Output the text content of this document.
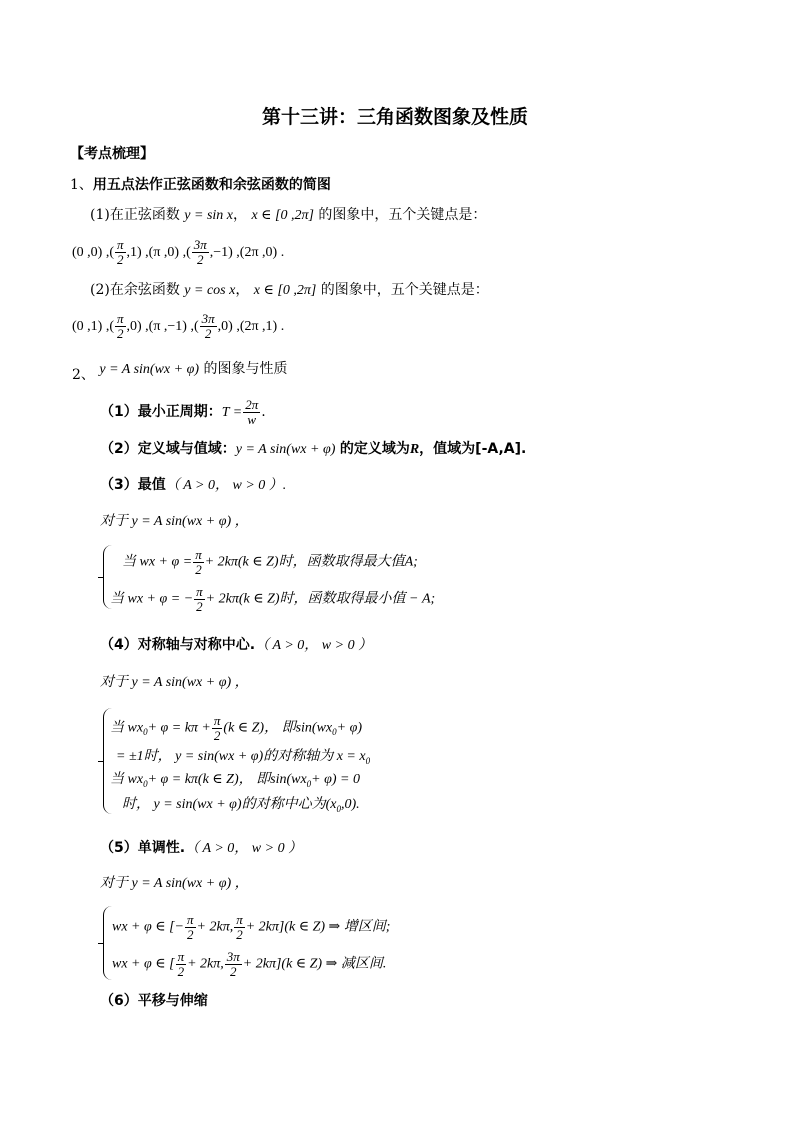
第十三讲：三角函数图象及性质
【考点梳理】
1、用五点法作正弦函数和余弦函数的简图
(1)在正弦函数 y = sin x， x ∈ [0 ,2π] 的图象中，五个关键点是：
(0 ,0) ,( $\frac{\pi}{2} ,1$) ,(π ,0) ,( $\frac{3\pi}{2} ,-1$) ,(2π ,0) .
(2)在余弦函数 y = cos x， x ∈ [0 ,2π] 的图象中，五个关键点是：
(0 ,1) ,( $\frac{\pi}{2} ,0$) ,(π ,−1) ,( $\frac{3\pi}{2} ,0$) ,(2π ,1) .
2、 y = A sin(wx + φ) 的图象与性质
（1）最小正周期：$T = \frac{2\pi}{w}$ .
（2）定义域与值域：y = A sin(wx + φ) 的定义域为R，值域为[-A,A].
（3）最值（ A > 0， w > 0 ）.
对于 y = A sin(wx + φ) ，
当 wx + $\varphi = \frac{\pi}{2} + 2k\pi(k$ ∈ Z)时，函数取得最大值A;
当 wx + φ = − $\frac{\pi}{2} + 2k\pi(k$ ∈ Z)时，函数取得最小值 − A;
（4）对称轴与对称中心.（ A > 0， w > 0 ）
对于 y = A sin(wx + φ) ，
当 $wx_0+ \varphi = k\pi + \frac{\pi}{2} (k$ ∈ Z)， 即$\sin(wx_0+ \varphi)$
= ±1时， y = sin(wx + φ)的对称轴为 $x = x_0$
当 $wx_0+ \varphi = k\pi(k$ ∈ Z)， 即$\sin(wx_0+ \varphi) = 0$
时， y = sin(wx + φ)的对称中心为$(x_0,0)$.
（5）单调性.（ A > 0， w > 0 ）
对于 y = A sin(wx + φ) ，
wx + φ ∈ [− $\frac{\pi}{2} + 2k\pi$, $\frac{\pi}{2} + 2k\pi](k$ ∈ Z) ⇒ 增区间;
wx + φ ∈ [ $\frac{\pi}{2} + 2k\pi$, $\frac{3\pi}{2} + 2k\pi](k$ ∈ Z) ⇒ 减区间.
（6）平移与伸缩
